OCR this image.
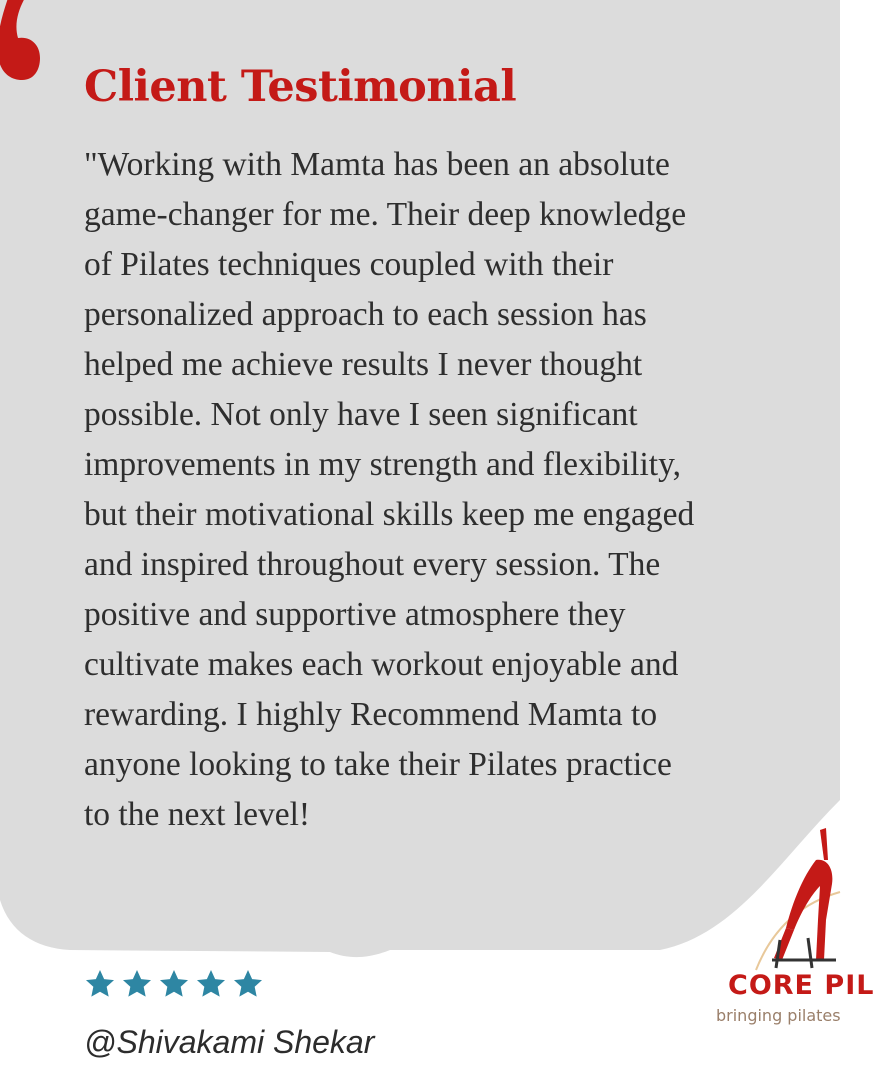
Client Testimonial

"Working with Mamta has been an absolute
game-changer for me. Their deep knowledge
of Pilates techniques coupled with their
personalized approach to each session has
helped me achieve results I never thought
possible. Not only have I seen significant
improvements in my strength and flexibility,
but their motivational skills keep me engaged
and inspired throughout every session. The
positive and supportive atmosphere they
cultivate makes each workout enjoyable and
rewarding. I highly Recommend Mamta to
anyone looking to take their Pilates practice
to the next level!

@Shivakami Shekar

CORE PIL

bringing pilates
